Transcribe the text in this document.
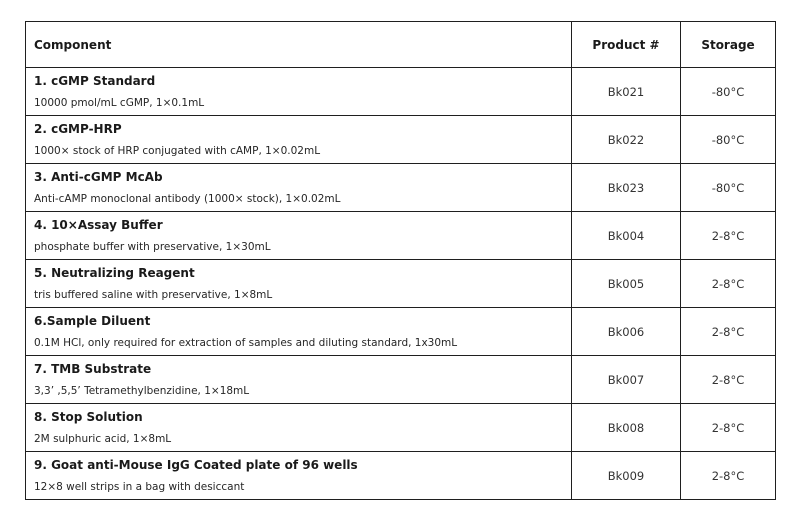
Component	Product #	Storage

1. cGMP Standard
10000 pmol/mL cGMP, 1×0.1mL	Bk021	-80°C

2. cGMP-HRP
1000× stock of HRP conjugated with cAMP, 1×0.02mL	Bk022	-80°C

3. Anti-cGMP McAb
Anti-cAMP monoclonal antibody (1000× stock), 1×0.02mL	Bk023	-80°C

4. 10×Assay Buffer
phosphate buffer with preservative, 1×30mL	Bk004	2-8°C

5. Neutralizing Reagent
tris buffered saline with preservative, 1×8mL	Bk005	2-8°C

6.Sample Diluent
0.1M HCl, only required for extraction of samples and diluting standard, 1x30mL	Bk006	2-8°C

7. TMB Substrate
3,3’ ,5,5’ Tetramethylbenzidine, 1×18mL	Bk007	2-8°C

8. Stop Solution
2M sulphuric acid, 1×8mL	Bk008	2-8°C

9. Goat anti-Mouse IgG Coated plate of 96 wells
12×8 well strips in a bag with desiccant	Bk009	2-8°C
